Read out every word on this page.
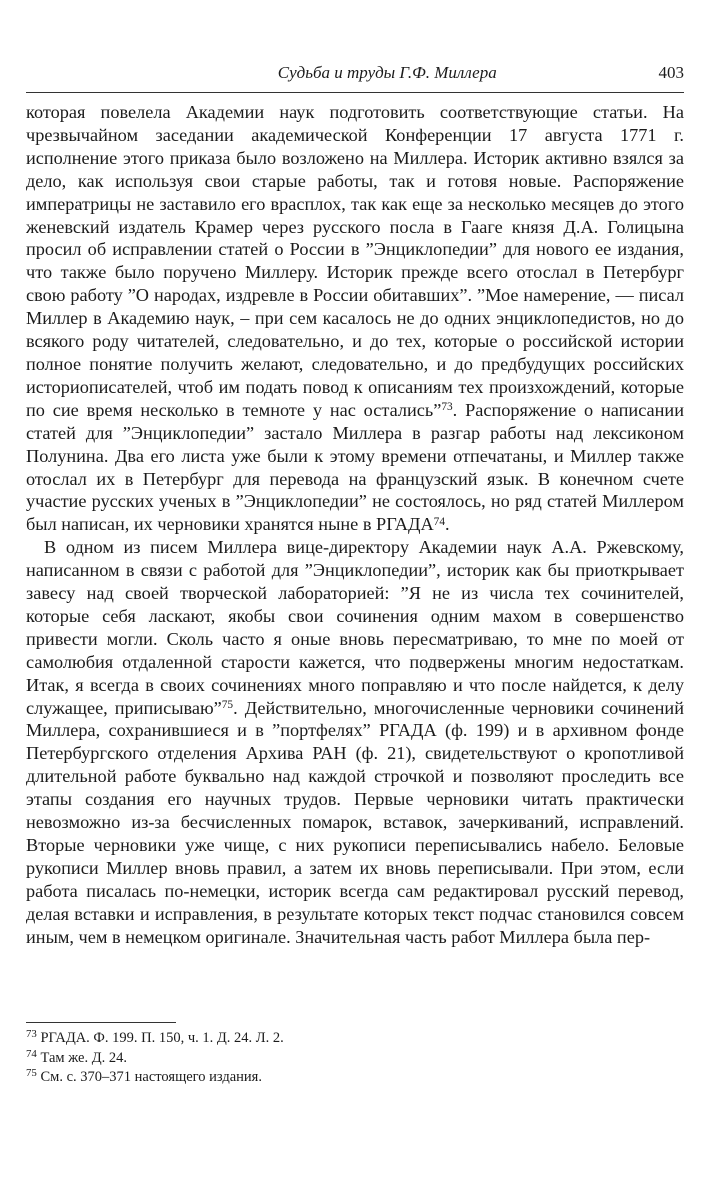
Судьба и труды Г.Ф. Миллера	403

которая повелела Академии наук подготовить соответствующие статьи. На чрезвычайном заседании академической Конференции 17 августа 1771 г. исполнение этого приказа было возложено на Миллера. Историк активно взялся за дело, как используя свои старые работы, так и готовя новые. Распоряжение императрицы не заставило его врасплох, так как еще за несколько месяцев до этого женевский издатель Крамер через русского посла в Гааге князя Д.А. Голицына просил об исправлении статей о России в ”Энциклопедии” для нового ее издания, что также было поручено Миллеру. Историк прежде всего отослал в Петербург свою работу ”О народах, издревле в России обитавших”. ”Мое намерение, — писал Миллер в Академию наук, – при сем касалось не до одних энциклопедистов, но до всякого роду читателей, следовательно, и до тех, которые о российской истории полное понятие получить желают, следовательно, и до предбудущих российских историописателей, чтоб им подать повод к описаниям тех произхождений, которые по сие время несколько в темноте у нас остались”$^{73}$. Распоряжение о написании статей для ”Энциклопедии” застало Миллера в разгар работы над лексиконом Полунина. Два его листа уже были к этому времени отпечатаны, и Миллер также отослал их в Петербург для перевода на французский язык. В конечном счете участие русских ученых в ”Энциклопедии” не состоялось, но ряд статей Миллером был написан, их черновики хранятся ныне в РГАДА$^{74}$.

В одном из писем Миллера вице-директору Академии наук А.А. Ржевскому, написанном в связи с работой для ”Энциклопедии”, историк как бы приоткрывает завесу над своей творческой лабораторией: ”Я не из числа тех сочинителей, которые себя ласкают, якобы свои сочинения одним махом в совершенство привести могли. Сколь часто я оные вновь пересматриваю, то мне по моей от самолюбия отдаленной старости кажется, что подвержены многим недостаткам. Итак, я всегда в своих сочинениях много поправляю и что после найдется, к делу служащее, приписываю”$^{75}$. Действительно, многочисленные черновики сочинений Миллера, сохранившиеся и в ”портфелях” РГАДА (ф. 199) и в архивном фонде Петербургского отделения Архива РАН (ф. 21), свидетельствуют о кропотливой длительной работе буквально над каждой строчкой и позволяют проследить все этапы создания его научных трудов. Первые черновики читать практически невозможно из-за бесчисленных помарок, вставок, зачеркиваний, исправлений. Вторые черновики уже чище, с них рукописи переписывались набело. Беловые рукописи Миллер вновь правил, а затем их вновь переписывали. При этом, если работа писалась по-немецки, историк всегда сам редактировал русский перевод, делая вставки и исправления, в результате которых текст подчас становился совсем иным, чем в немецком оригинале. Значительная часть работ Миллера была пер-

$^{73}$ РГАДА. Ф. 199. П. 150, ч. 1. Д. 24. Л. 2.

$^{74}$ Там же. Д. 24.

$^{75}$ См. с. 370–371 настоящего издания.
